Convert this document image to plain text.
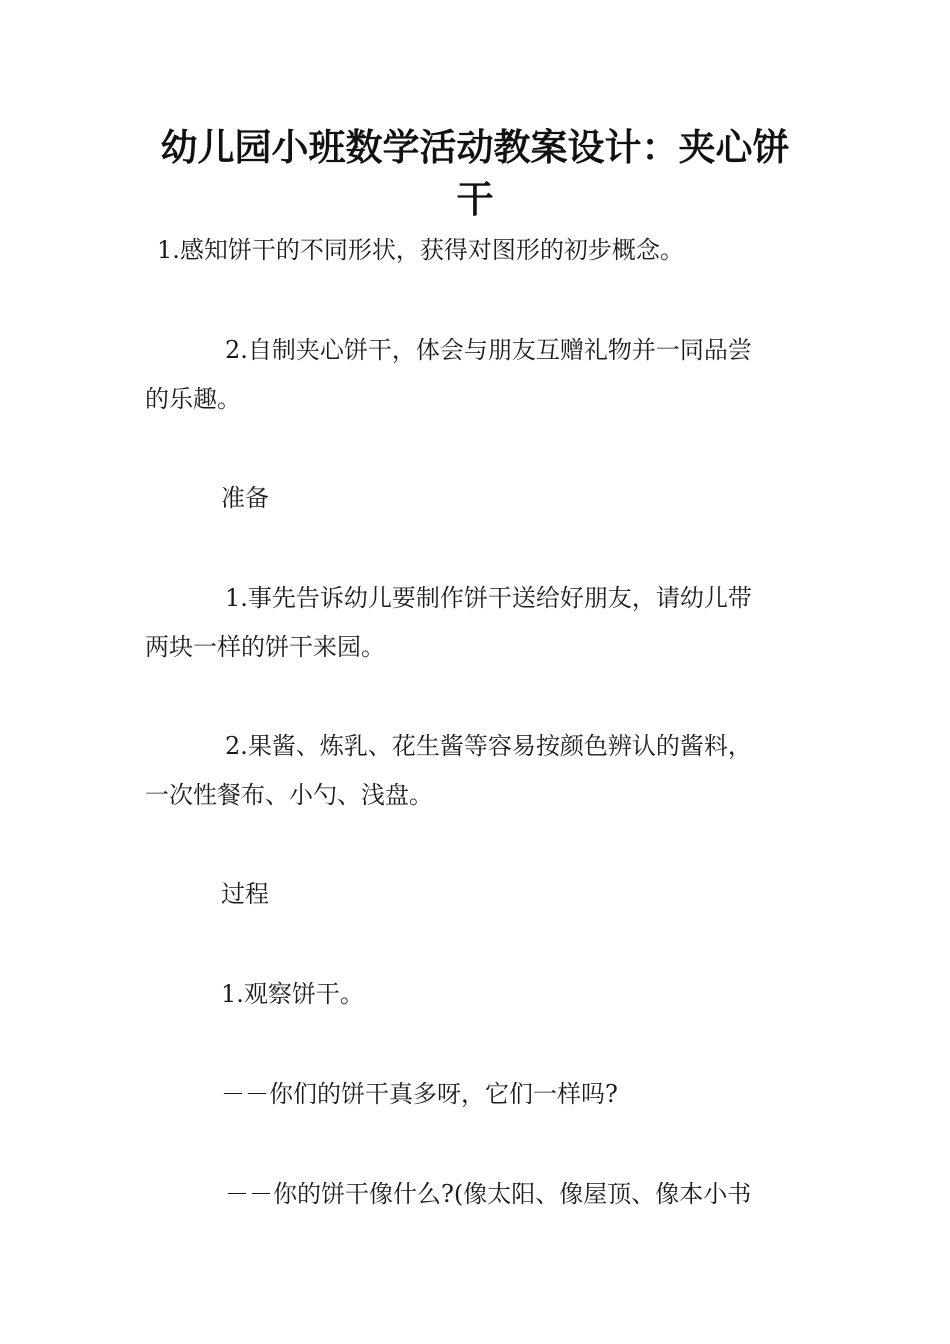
幼儿园小班数学活动教案设计：夹心饼干

1.感知饼干的不同形状，获得对图形的初步概念。

2.自制夹心饼干，体会与朋友互赠礼物并一同品尝
的乐趣。

准备

1.事先告诉幼儿要制作饼干送给好朋友，请幼儿带
两块一样的饼干来园。

2.果酱、炼乳、花生酱等容易按颜色辨认的酱料，
一次性餐布、小勺、浅盘。

过程

1.观察饼干。

－－你们的饼干真多呀，它们一样吗?

－－你的饼干像什么?(像太阳、像屋顶、像本小书
